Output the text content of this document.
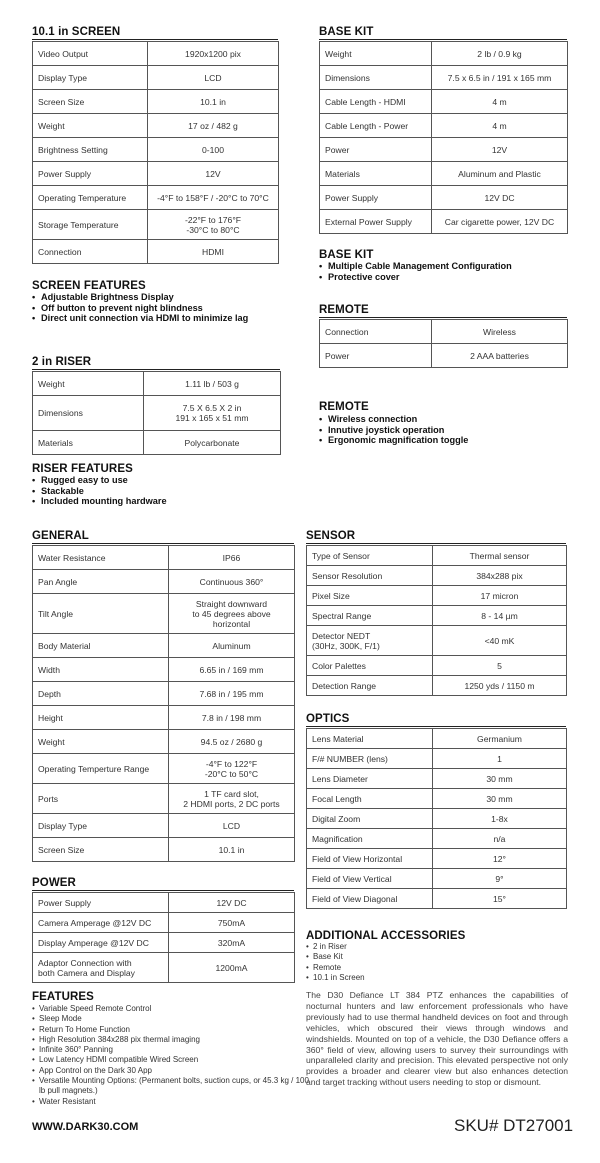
10.1 in SCREEN
Video Output	1920x1200 pix
Display Type	LCD
Screen Size	10.1 in
Weight	17 oz / 482 g
Brightness Setting	0-100
Power Supply	12V
Operating Temperature	-4°F to 158°F / -20°C to 70°C
Storage Temperature	-22°F to 176°F
-30°C to 80°C
Connection	HDMI
SCREEN FEATURES
• Adjustable Brightness Display
• Off button to prevent night blindness
• Direct unit connection via HDMI to minimize lag
2 in RISER
Weight	1.11 lb / 503 g
Dimensions	7.5 X 6.5 X 2 in
191 x 165 x 51 mm
Materials	Polycarbonate
RISER FEATURES
• Rugged easy to use
• Stackable
• Included mounting hardware
BASE KIT
Weight	2 lb / 0.9 kg
Dimensions	7.5 x 6.5 in / 191 x 165 mm
Cable Length - HDMI	4 m
Cable Length - Power	4 m
Power	12V
Materials	Aluminum and Plastic
Power Supply	12V DC
External Power Supply	Car cigarette power, 12V DC
BASE KIT
• Multiple Cable Management Configuration
• Protective cover
REMOTE
Connection	Wireless
Power	2 AAA batteries
REMOTE
• Wireless connection
• Innutive joystick operation
• Ergonomic magnification toggle
GENERAL
Water Resistance	IP66
Pan Angle	Continuous 360°
Tilt Angle	Straight downward
to 45 degrees above
horizontal
Body Material	Aluminum
Width	6.65 in / 169 mm
Depth	7.68 in / 195 mm
Height	7.8 in / 198 mm
Weight	94.5 oz / 2680 g
Operating Temperture Range	-4°F to 122°F
-20°C to 50°C
Ports	1 TF card slot,
2 HDMI ports, 2 DC ports
Display Type	LCD
Screen Size	10.1 in
POWER
Power Supply	12V DC
Camera Amperage @12V DC	750mA
Display Amperage @12V DC	320mA
Adaptor Connection with
both Camera and Display	1200mA
FEATURES
• Variable Speed Remote Control
• Sleep Mode
• Return To Home Function
• High Resolution 384x288 pix thermal imaging
• Infinite 360° Panning
• Low Latency HDMI compatible Wired Screen
• App Control on the Dark 30 App
• Versatile Mounting Options: (Permanent bolts, suction cups, or 45.3 kg / 100 lb pull magnets.)
• Water Resistant
SENSOR
Type of Sensor	Thermal sensor
Sensor Resolution	384x288 pix
Pixel Size	17 micron
Spectral Range	8 - 14 µm
Detector NEDT
(30Hz, 300K, F/1)	<40 mK
Color Palettes	5
Detection Range	1250 yds / 1150 m
OPTICS
Lens Material	Germanium
F/# NUMBER (lens)	1
Lens Diameter	30 mm
Focal Length	30 mm
Digital Zoom	1-8x
Magnification	n/a
Field of View Horizontal	12°
Field of View Vertical	9°
Field of View Diagonal	15°
ADDITIONAL ACCESSORIES
• 2 in Riser
• Base Kit
• Remote
• 10.1 in Screen
The D30 Defiance LT 384 PTZ enhances the capabilities of nocturnal hunters and law enforcement professionals who have previously had to use thermal handheld devices on foot and through vehicles, which obscured their views through windows and windshields. Mounted on top of a vehicle, the D30 Defiance offers a 360° field of view, allowing users to survey their surroundings with unparalleled clarity and precision. This elevated perspective not only provides a broader and clearer view but also enhances detection and target tracking without users needing to stop or dismount.
WWW.DARK30.COM	SKU# DT27001
